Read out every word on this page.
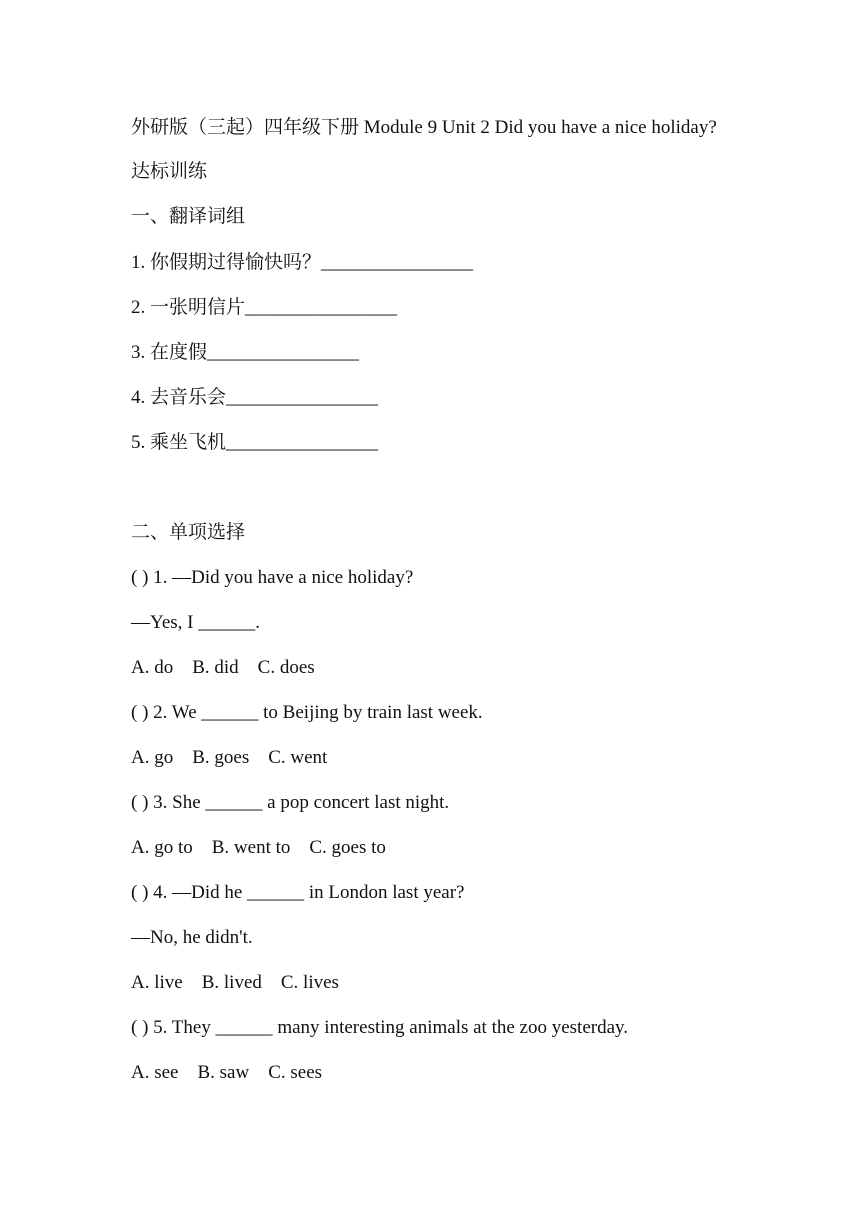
外研版（三起）四年级下册 Module 9 Unit 2 Did you have a nice holiday?
达标训练
一、翻译词组
1. 你假期过得愉快吗？________________
2. 一张明信片________________
3. 在度假________________
4. 去音乐会________________
5. 乘坐飞机________________
二、单项选择
( ) 1. —Did you have a nice holiday?
—Yes, I ______.
A. do    B. did    C. does
( ) 2. We ______ to Beijing by train last week.
A. go    B. goes    C. went
( ) 3. She ______ a pop concert last night.
A. go to    B. went to    C. goes to
( ) 4. —Did he ______ in London last year?
—No, he didn't.
A. live    B. lived    C. lives
( ) 5. They ______ many interesting animals at the zoo yesterday.
A. see    B. saw    C. sees
